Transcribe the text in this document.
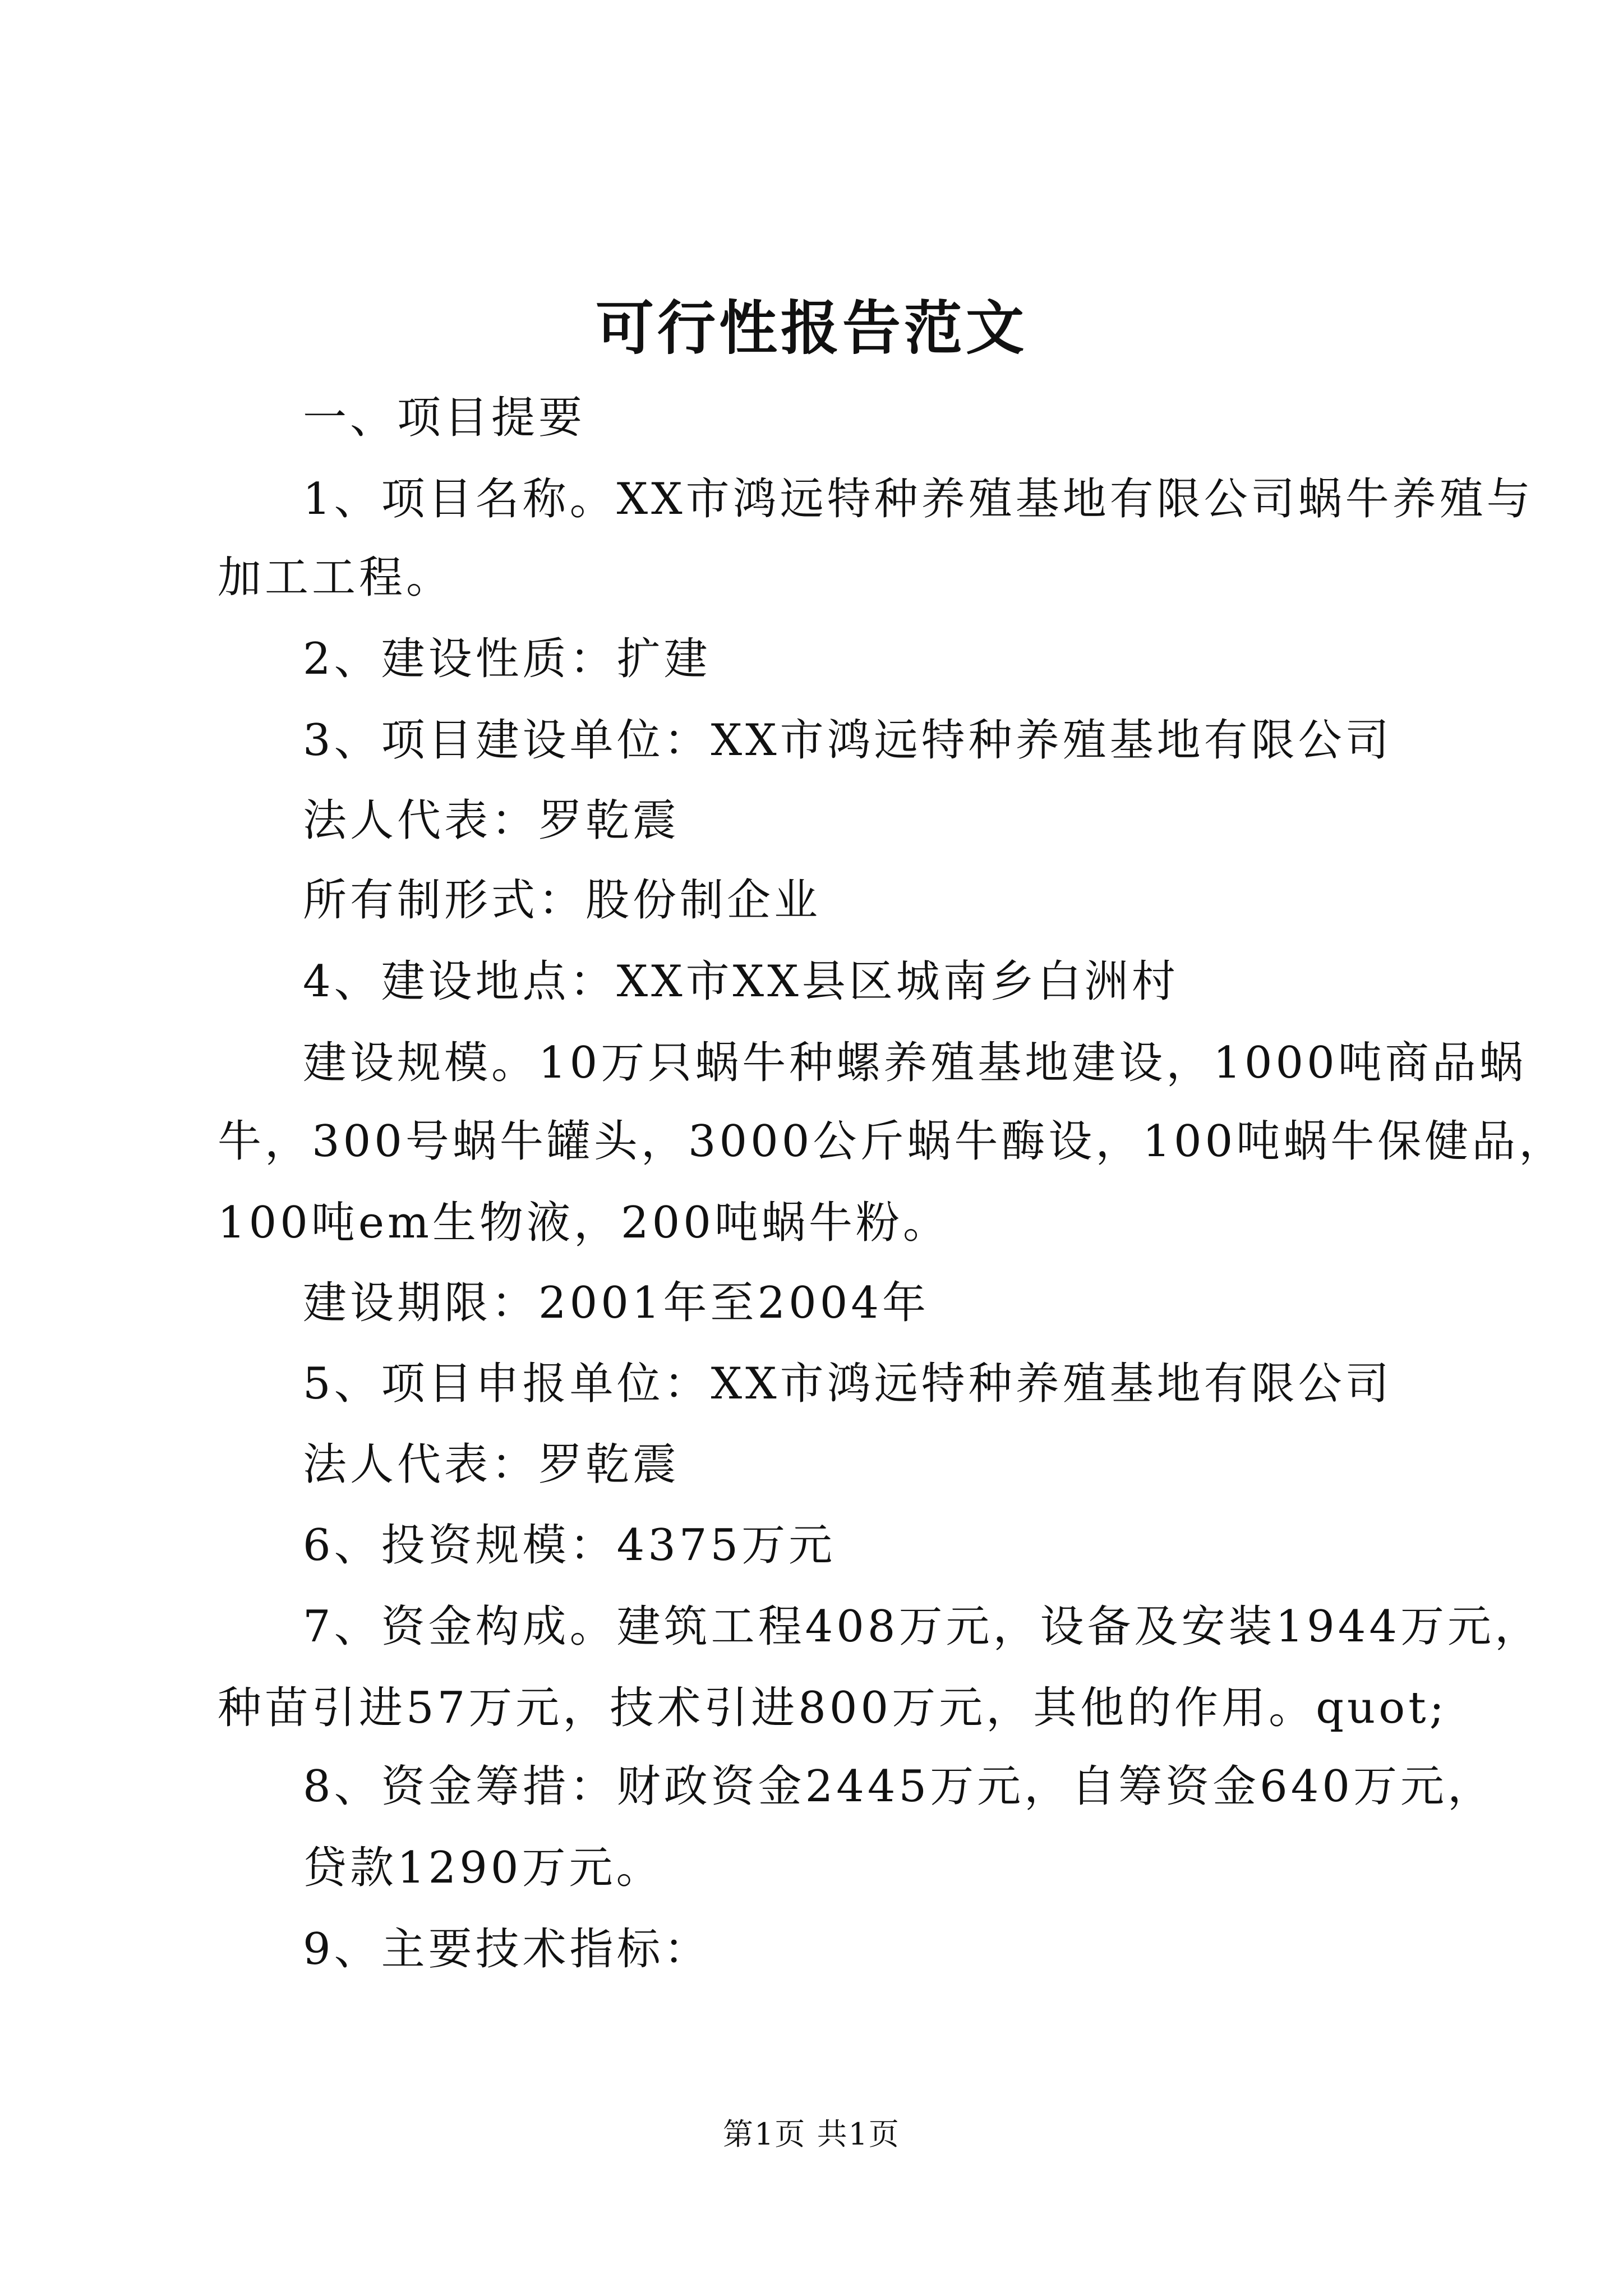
可行性报告范文
一、项目提要
1、项目名称。XX市鸿远特种养殖基地有限公司蜗牛养殖与
加工工程。
2、建设性质：扩建
3、项目建设单位：XX市鸿远特种养殖基地有限公司
法人代表：罗乾震
所有制形式：股份制企业
4、建设地点：XX市XX县区城南乡白洲村
建设规模。10万只蜗牛种螺养殖基地建设，1000吨商品蜗
牛，300号蜗牛罐头，3000公斤蜗牛酶设，100吨蜗牛保健品，
100吨em生物液，200吨蜗牛粉。
建设期限：2001年至2004年
5、项目申报单位：XX市鸿远特种养殖基地有限公司
法人代表：罗乾震
6、投资规模：4375万元
7、资金构成。建筑工程408万元，设备及安装1944万元，
种苗引进57万元，技术引进800万元，其他的作用。quot;
8、资金筹措：财政资金2445万元，自筹资金640万元，
贷款1290万元。
9、主要技术指标：
第1页 共1页
